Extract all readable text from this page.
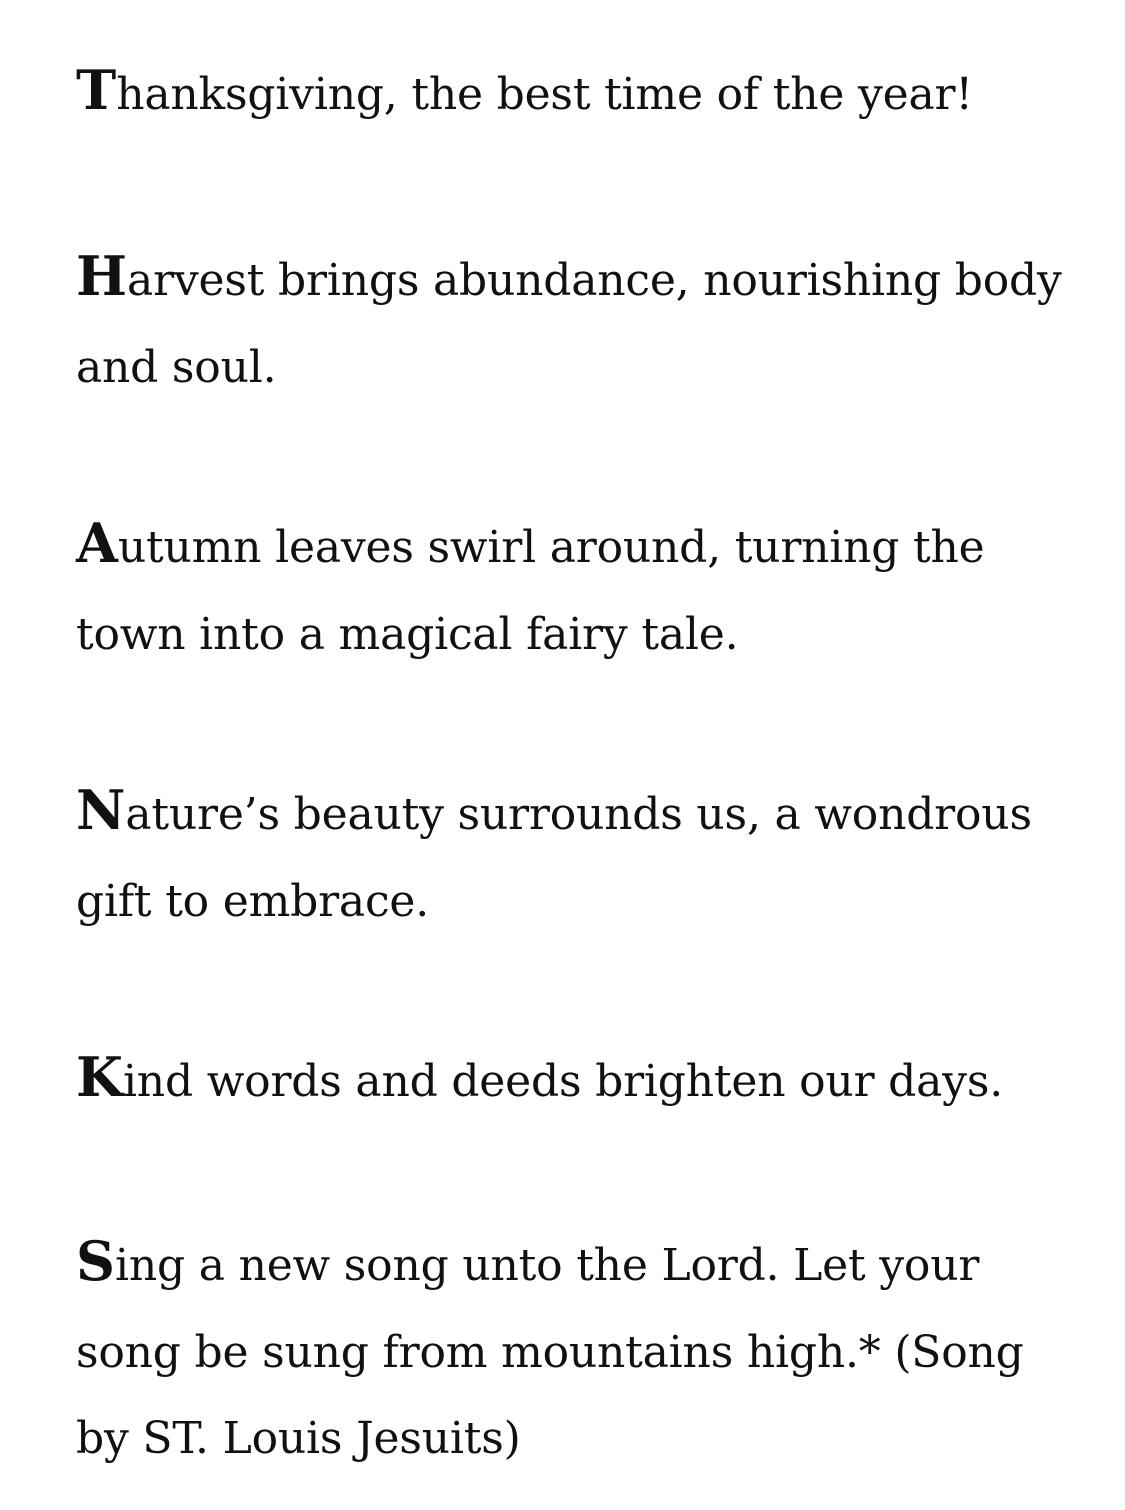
Thanksgiving, the best time of the year!
Harvest brings abundance, nourishing body
and soul.
Autumn leaves swirl around, turning the
town into a magical fairy tale.
Nature’s beauty surrounds us, a wondrous
gift to embrace.
Kind words and deeds brighten our days.
Sing a new song unto the Lord. Let your
song be sung from mountains high.* (Song
by ST. Louis Jesuits)
